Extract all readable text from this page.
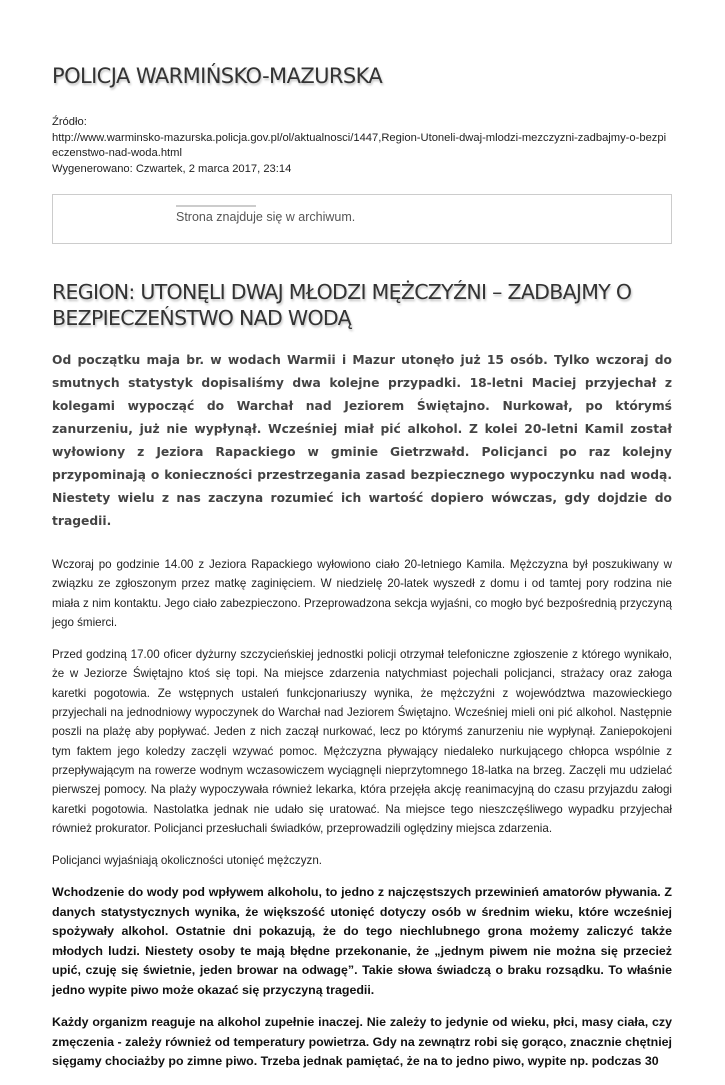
POLICJA WARMIŃSKO-MAZURSKA
Źródło:
http://www.warminsko-mazurska.policja.gov.pl/ol/aktualnosci/1447,Region-Utoneli-dwaj-mlodzi-mezczyzni-zadbajmy-o-bezpieczenstwo-nad-woda.html
Wygenerowano: Czwartek, 2 marca 2017, 23:14
Strona znajduje się w archiwum.
REGION: UTONĘLI DWAJ MŁODZI MĘŻCZYŹNI – ZADBAJMY O BEZPIECZEŃSTWO NAD WODĄ

Od początku maja br. w wodach Warmii i Mazur utonęło już 15 osób. Tylko wczoraj do smutnych statystyk dopisaliśmy dwa kolejne przypadki. 18-letni Maciej przyjechał z kolegami wypocząć do Warchał nad Jeziorem Świętajno. Nurkował, po którymś zanurzeniu, już nie wypłynął. Wcześniej miał pić alkohol. Z kolei 20-letni Kamil został wyłowiony z Jeziora Rapackiego w gminie Gietrzwałd. Policjanci po raz kolejny przypominają o konieczności przestrzegania zasad bezpiecznego wypoczynku nad wodą. Niestety wielu z nas zaczyna rozumieć ich wartość dopiero wówczas, gdy dojdzie do tragedii.

Wczoraj po godzinie 14.00 z Jeziora Rapackiego wyłowiono ciało 20-letniego Kamila. Mężczyzna był poszukiwany w związku ze zgłoszonym przez matkę zaginięciem. W niedzielę 20-latek wyszedł z domu i od tamtej pory rodzina nie miała z nim kontaktu. Jego ciało zabezpieczono. Przeprowadzona sekcja wyjaśni, co mogło być bezpośrednią przyczyną jego śmierci.

Przed godziną 17.00 oficer dyżurny szczycieńskiej jednostki policji otrzymał telefoniczne zgłoszenie z którego wynikało, że w Jeziorze Świętajno ktoś się topi. Na miejsce zdarzenia natychmiast pojechali policjanci, strażacy oraz załoga karetki pogotowia. Ze wstępnych ustaleń funkcjonariuszy wynika, że mężczyźni z województwa mazowieckiego przyjechali na jednodniowy wypoczynek do Warchał nad Jeziorem Świętajno. Wcześniej mieli oni pić alkohol. Następnie poszli na plażę aby popływać. Jeden z nich zaczął nurkować, lecz po którymś zanurzeniu nie wypłynął. Zaniepokojeni tym faktem jego koledzy zaczęli wzywać pomoc. Mężczyzna pływający niedaleko nurkującego chłopca wspólnie z przepływającym na rowerze wodnym wczasowiczem wyciągnęli nieprzytomnego 18-latka na brzeg. Zaczęli mu udzielać pierwszej pomocy. Na plaży wypoczywała również lekarka, która przejęła akcję reanimacyjną do czasu przyjazdu załogi karetki pogotowia. Nastolatka jednak nie udało się uratować. Na miejsce tego nieszczęśliwego wypadku przyjechał również prokurator. Policjanci przesłuchali świadków, przeprowadzili oględziny miejsca zdarzenia.

Policjanci wyjaśniają okoliczności utonięć mężczyzn.

Wchodzenie do wody pod wpływem alkoholu, to jedno z najczęstszych przewinień amatorów pływania. Z danych statystycznych wynika, że większość utonięć dotyczy osób w średnim wieku, które wcześniej spożywały alkohol. Ostatnie dni pokazują, że do tego niechlubnego grona możemy zaliczyć także młodych ludzi. Niestety osoby te mają błędne przekonanie, że „jednym piwem nie można się przecież upić, czuję się świetnie, jeden browar na odwagę”. Takie słowa świadczą o braku rozsądku. To właśnie jedno wypite piwo może okazać się przyczyną tragedii.

Każdy organizm reaguje na alkohol zupełnie inaczej. Nie zależy to jedynie od wieku, płci, masy ciała, czy zmęczenia - zależy również od temperatury powietrza. Gdy na zewnątrz robi się gorąco, znacznie chętniej sięgamy chociażby po zimne piwo. Trzeba jednak pamiętać, że na to jedno piwo, wypite np. podczas 30
